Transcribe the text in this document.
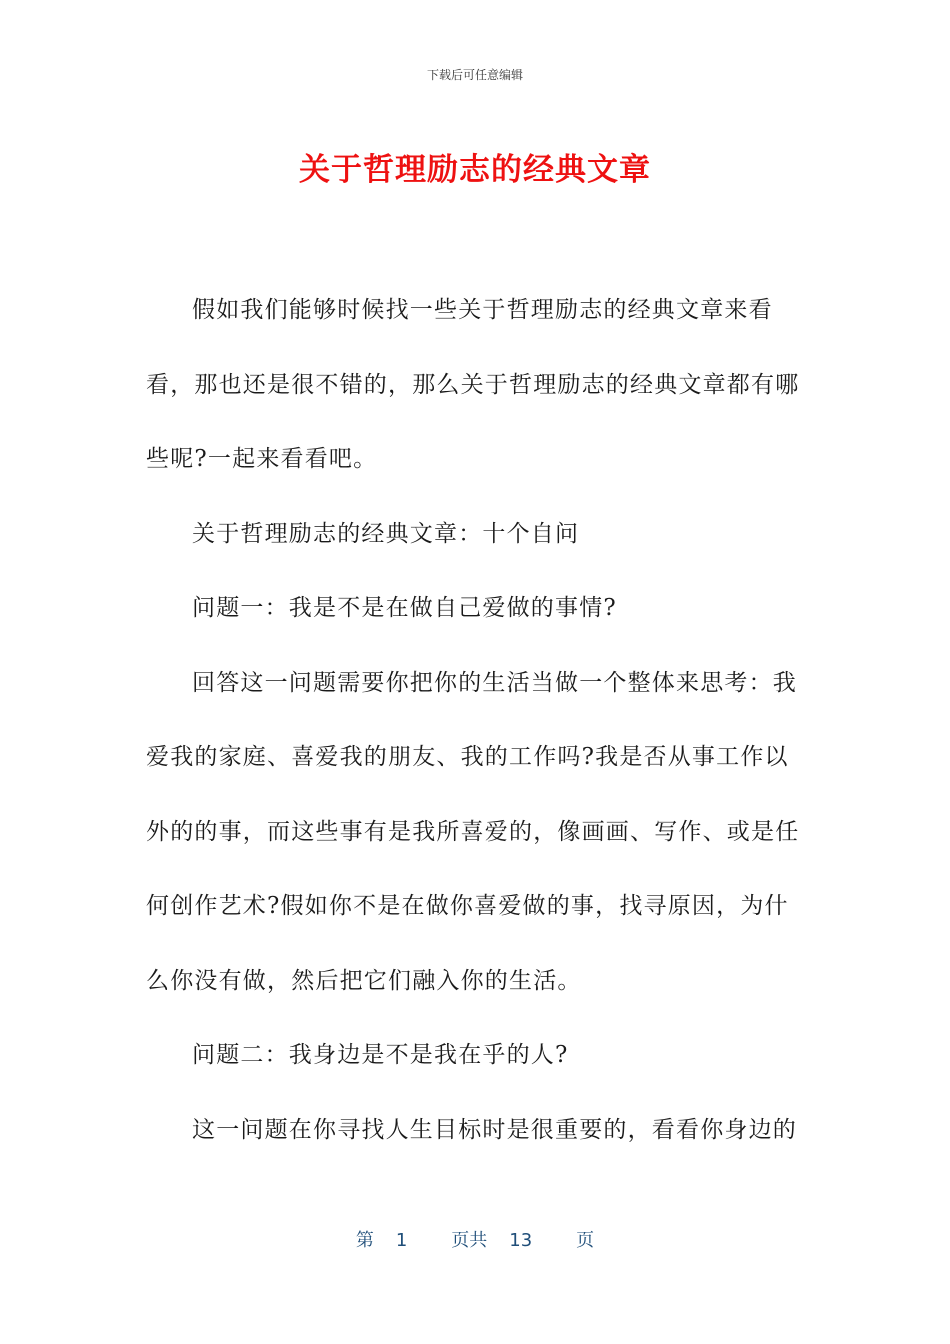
下载后可任意编辑
关于哲理励志的经典文章

假如我们能够时候找一些关于哲理励志的经典文章来看看，那也还是很不错的，那么关于哲理励志的经典文章都有哪些呢?一起来看看吧。

关于哲理励志的经典文章：十个自问

问题一：我是不是在做自己爱做的事情?

回答这一问题需要你把你的生活当做一个整体来思考：我爱我的家庭、喜爱我的朋友、我的工作吗?我是否从事工作以外的的事，而这些事有是我所喜爱的，像画画、写作、或是任何创作艺术?假如你不是在做你喜爱做的事，找寻原因，为什么你没有做，然后把它们融入你的生活。

问题二：我身边是不是我在乎的人?

这一问题在你寻找人生目标时是很重要的，看看你身边的

第 1 页共 13 页
